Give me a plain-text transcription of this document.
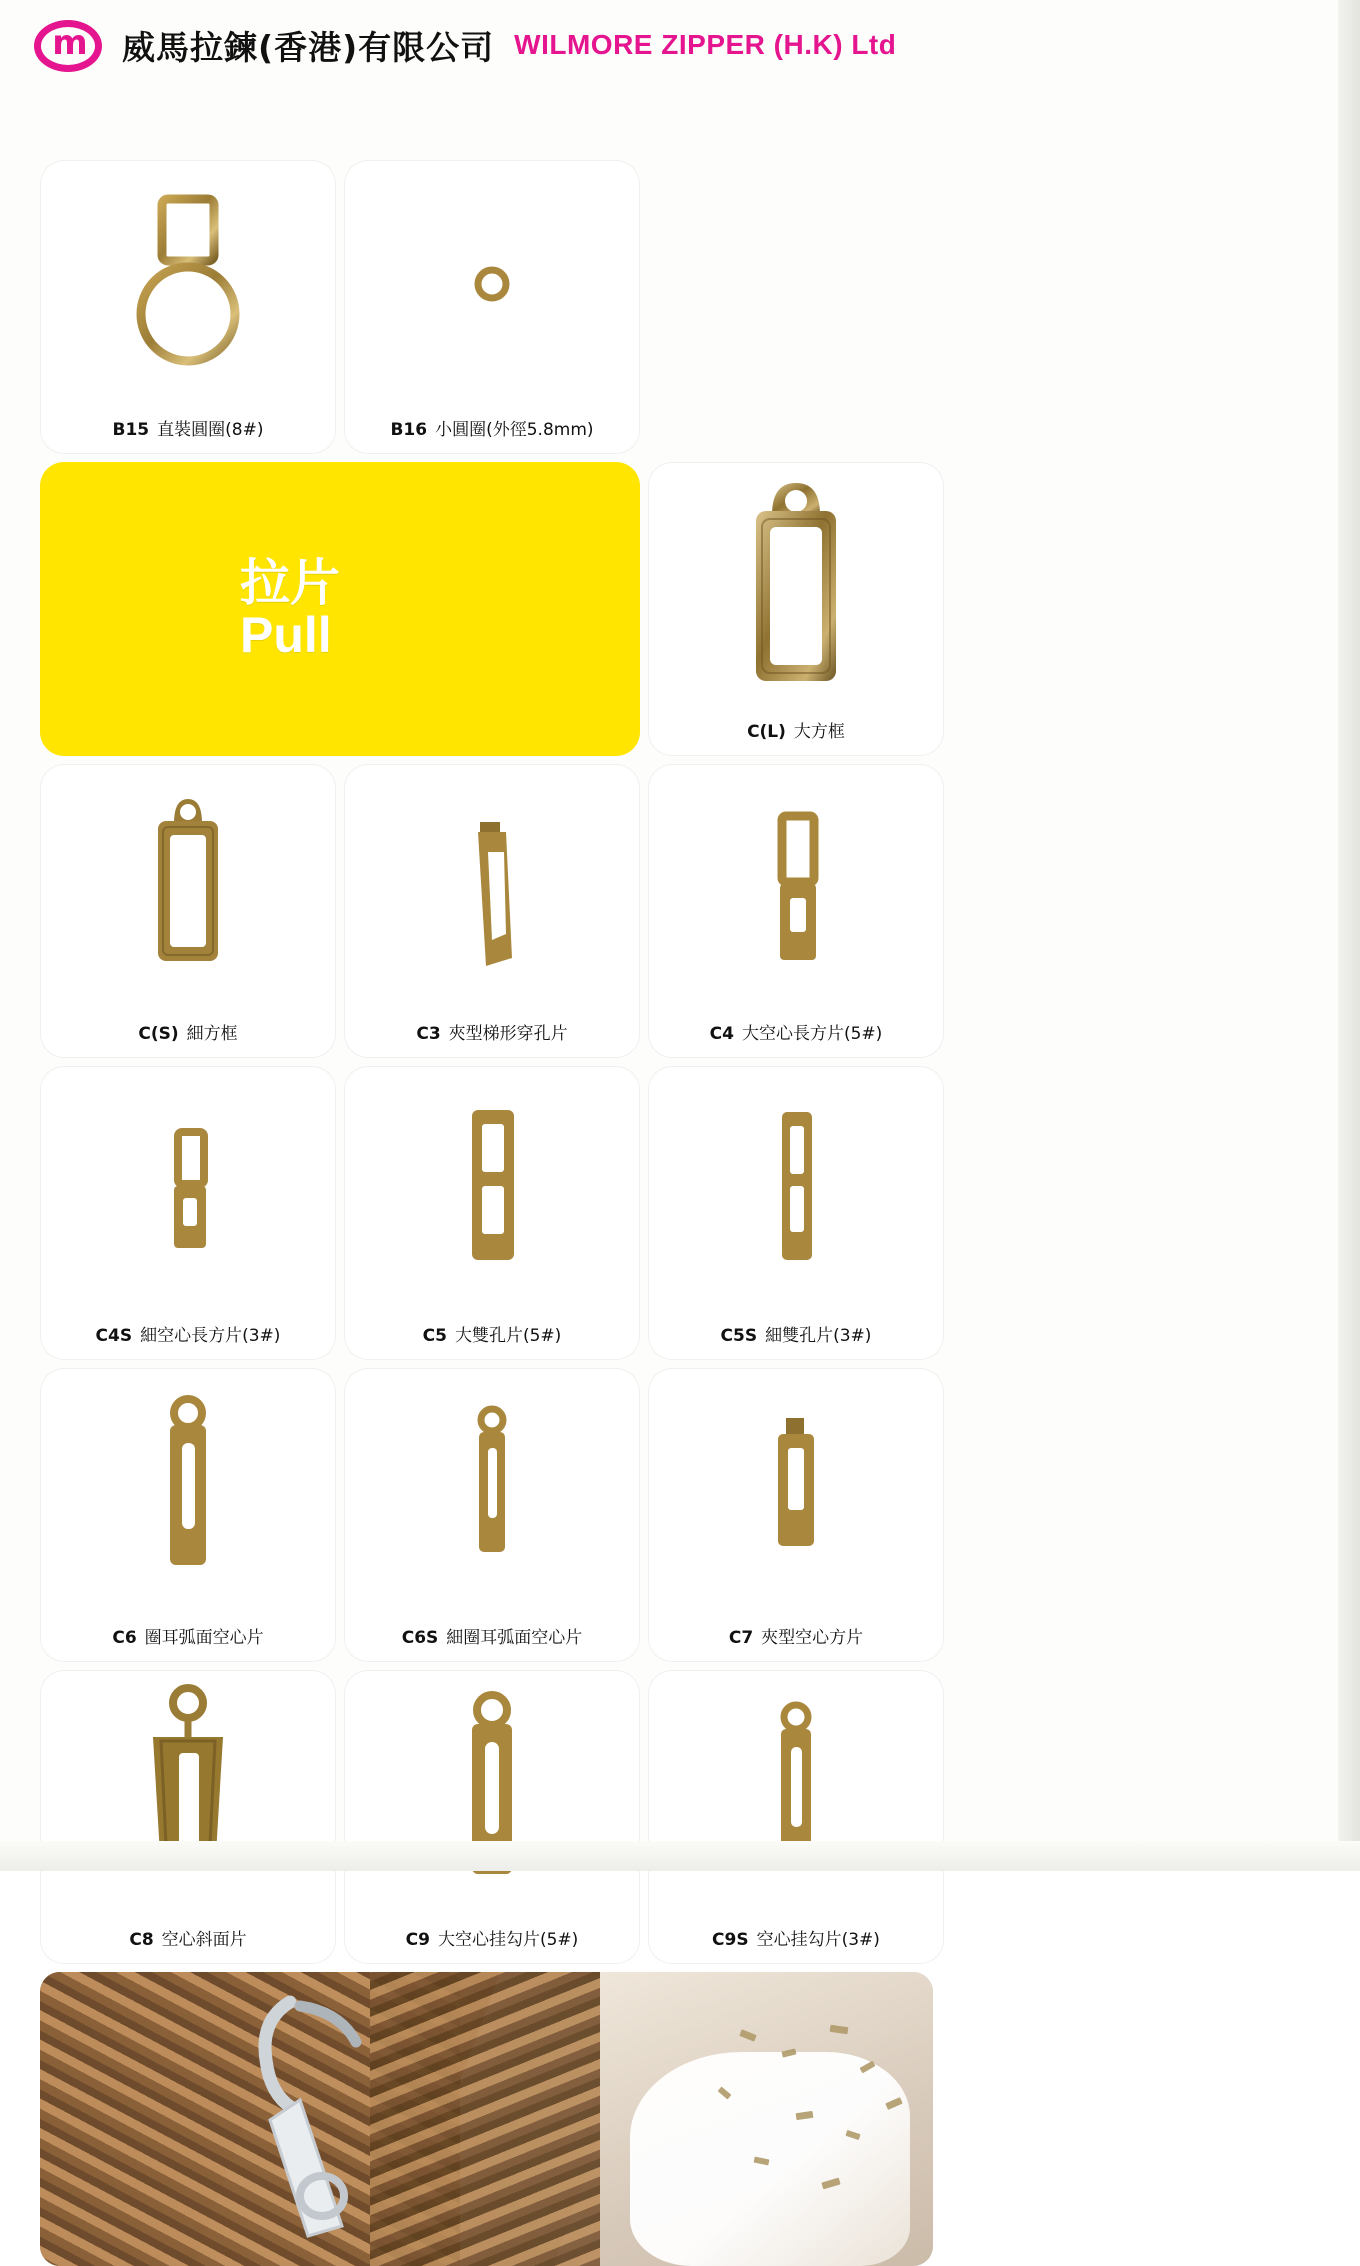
m	威馬拉鍊(香港)有限公司 WILMORE ZIPPER (H.K) Ltd
B15 直裝圓圈(8#)	B16 小圓圈(外徑5.8mm)
拉片
Pull
C(L) 大方框
C(S) 細方框	C3 夾型梯形穿孔片	C4 大空心長方片(5#)
C4S 細空心長方片(3#)	C5 大雙孔片(5#)	C5S 細雙孔片(3#)
C6 圈耳弧面空心片	C6S 細圈耳弧面空心片	C7 夾型空心方片
C8 空心斜面片	C9 大空心挂勾片(5#)	C9S 空心挂勾片(3#)
